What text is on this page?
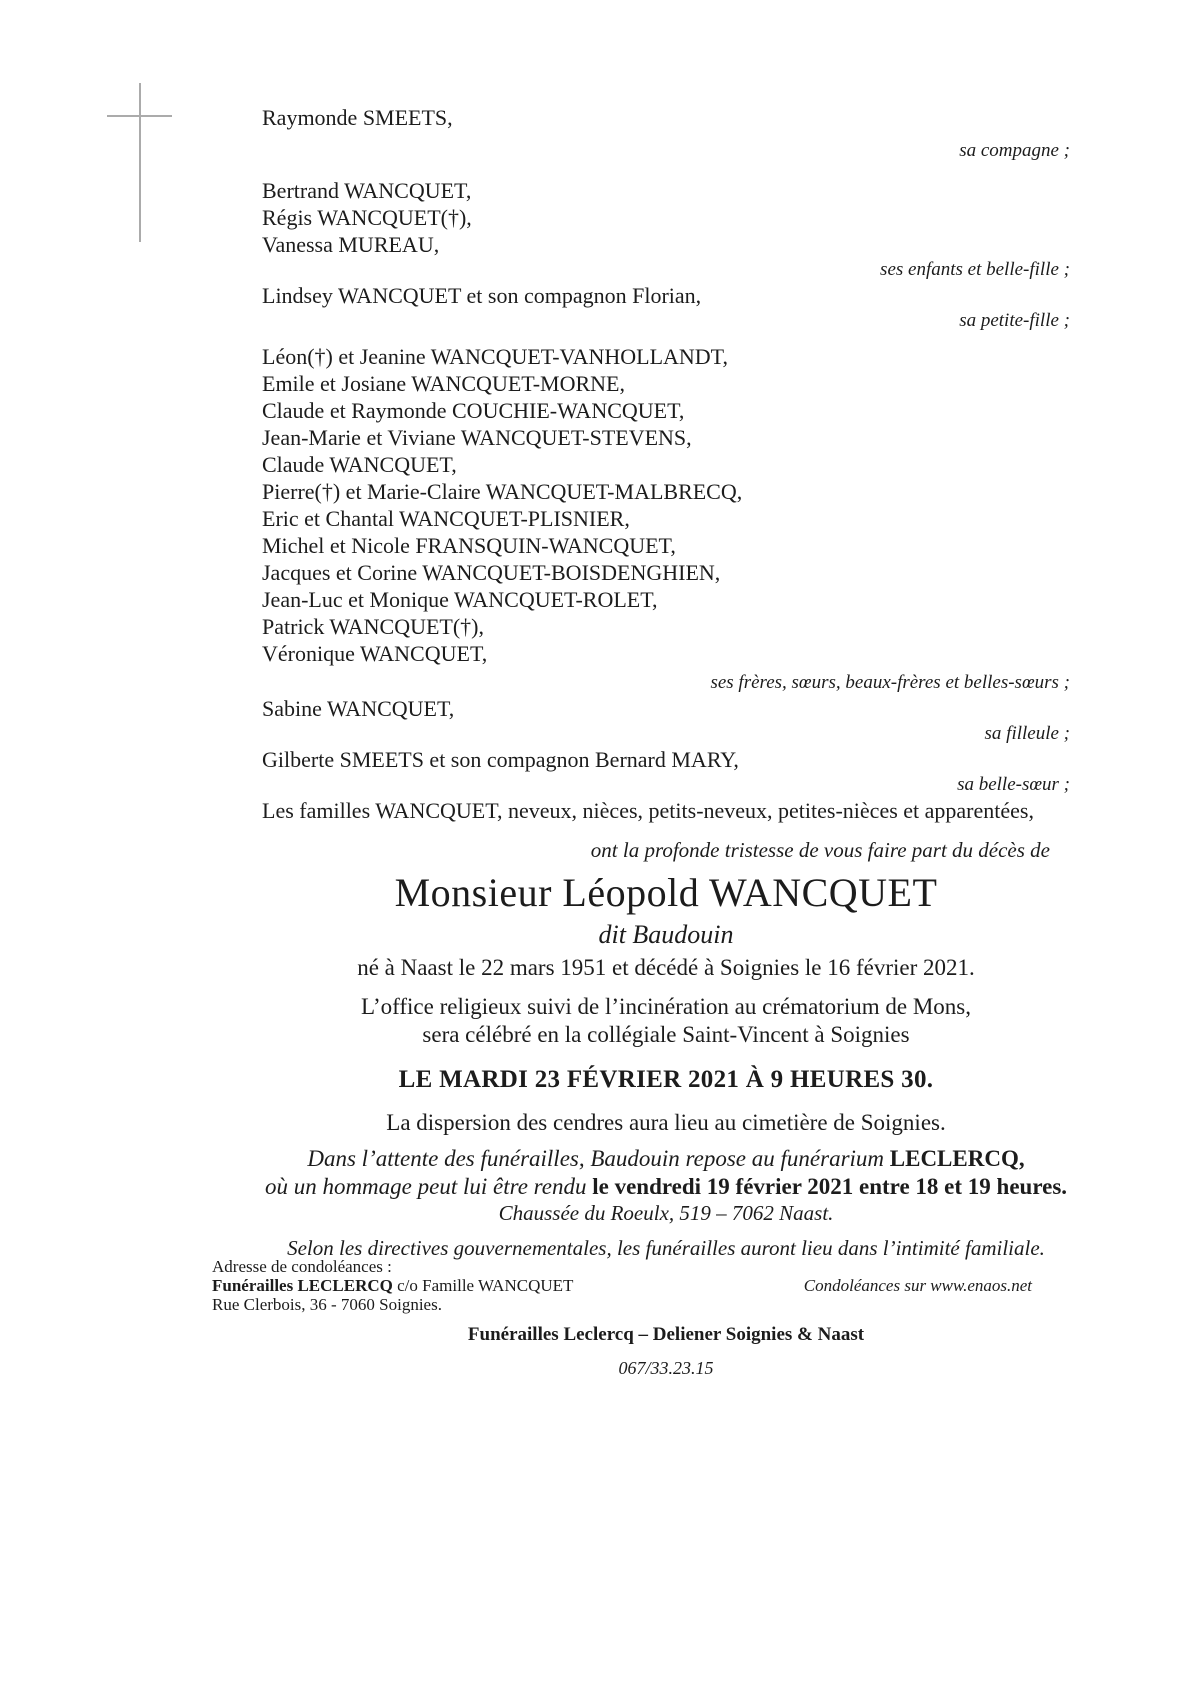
Raymonde SMEETS,
sa compagne ;
Bertrand WANCQUET,
Régis WANCQUET(†),
Vanessa MUREAU,
ses enfants et belle-fille ;
Lindsey WANCQUET et son compagnon Florian,
sa petite-fille ;
Léon(†) et Jeanine WANCQUET-VANHOLLANDT,
Emile et Josiane WANCQUET-MORNE,
Claude et Raymonde COUCHIE-WANCQUET,
Jean-Marie et Viviane WANCQUET-STEVENS,
Claude WANCQUET,
Pierre(†) et Marie-Claire WANCQUET-MALBRECQ,
Eric et Chantal WANCQUET-PLISNIER,
Michel et Nicole FRANSQUIN-WANCQUET,
Jacques et Corine WANCQUET-BOISDENGHIEN,
Jean-Luc et Monique WANCQUET-ROLET,
Patrick WANCQUET(†),
Véronique WANCQUET,
ses frères, sœurs, beaux-frères et belles-sœurs ;
Sabine WANCQUET,
sa filleule ;
Gilberte SMEETS et son compagnon Bernard MARY,
sa belle-sœur ;
Les familles WANCQUET, neveux, nièces, petits-neveux, petites-nièces et apparentées,
ont la profonde tristesse de vous faire part du décès de
Monsieur Léopold WANCQUET
dit Baudouin
né à Naast le 22 mars 1951 et décédé à Soignies le 16 février 2021.
L’office religieux suivi de l’incinération au crématorium de Mons,
sera célébré en la collégiale Saint-Vincent à Soignies
LE MARDI 23 FÉVRIER 2021 À 9 HEURES 30.
La dispersion des cendres aura lieu au cimetière de Soignies.
Dans l’attente des funérailles, Baudouin repose au funérarium LECLERCQ,
où un hommage peut lui être rendu le vendredi 19 février 2021 entre 18 et 19 heures.
Chaussée du Roeulx, 519 – 7062 Naast.
Selon les directives gouvernementales, les funérailles auront lieu dans l’intimité familiale.
Funérailles Leclercq – Deliener Soignies & Naast
067/33.23.15
Adresse de condoléances :
Funérailles LECLERCQ c/o Famille WANCQUET	Condoléances sur www.enaos.net
Rue Clerbois, 36 - 7060 Soignies.
